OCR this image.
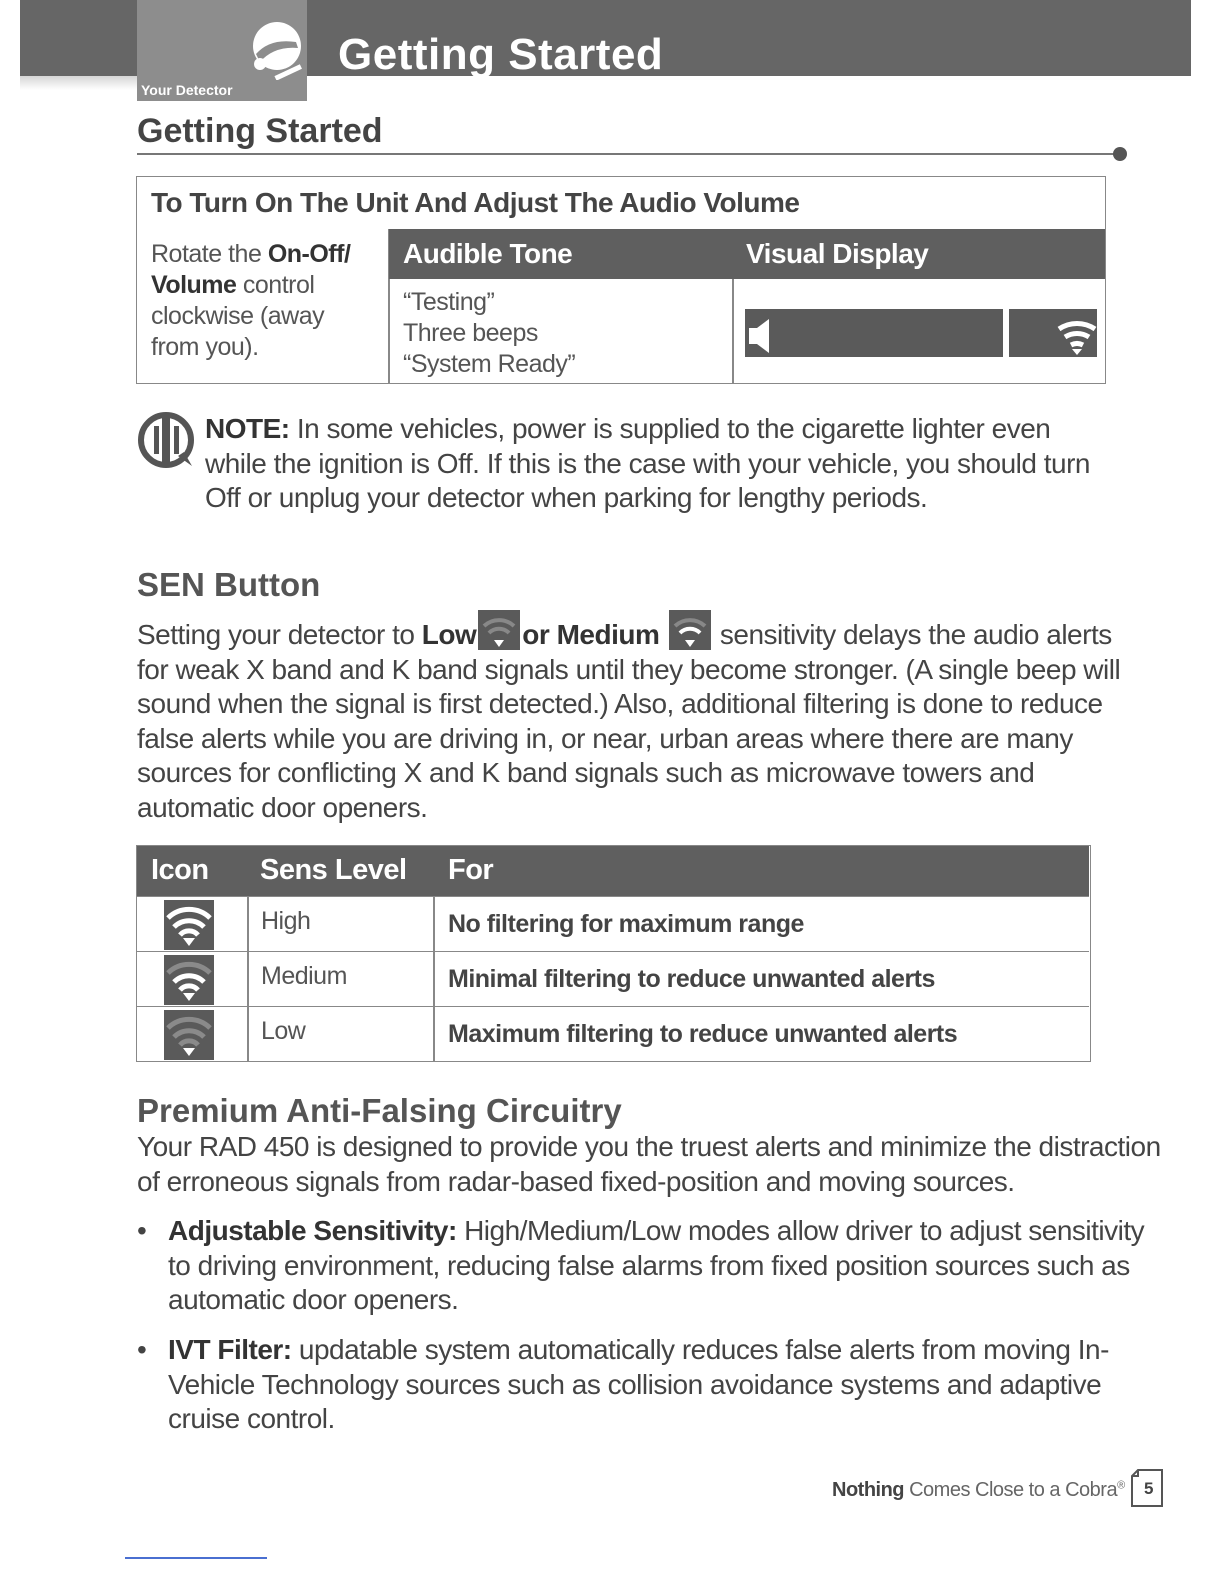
Your Detector
Getting Started
Getting Started
To Turn On The Unit And Adjust The Audio Volume
Rotate the On-Off/ Volume control clockwise (away from you).
Audible Tone	Visual Display
“Testing”
Three beeps
“System Ready”
NOTE: In some vehicles, power is supplied to the cigarette lighter even while the ignition is Off. If this is the case with your vehicle, you should turn Off or unplug your detector when parking for lengthy periods.
SEN Button
Setting your detector to Low or Medium  sensitivity delays the audio alerts for weak X band and K band signals until they become stronger. (A single beep will sound when the signal is first detected.) Also, additional filtering is done to reduce false alerts while you are driving in, or near, urban areas where there are many sources for conflicting X and K band signals such as microwave towers and automatic door openers.
Icon Sens Level For
High	No filtering for maximum range
Medium	Minimal filtering to reduce unwanted alerts
Low	Maximum filtering to reduce unwanted alerts
Premium Anti-Falsing Circuitry
Your RAD 450 is designed to provide you the truest alerts and minimize the distraction of erroneous signals from radar-based fixed-position and moving sources.
• Adjustable Sensitivity: High/Medium/Low modes allow driver to adjust sensitivity to driving environment, reducing false alarms from fixed position sources such as automatic door openers.
• IVT Filter: updatable system automatically reduces false alerts from moving In-Vehicle Technology sources such as collision avoidance systems and adaptive cruise control.
Nothing Comes Close to a Cobra® 5
